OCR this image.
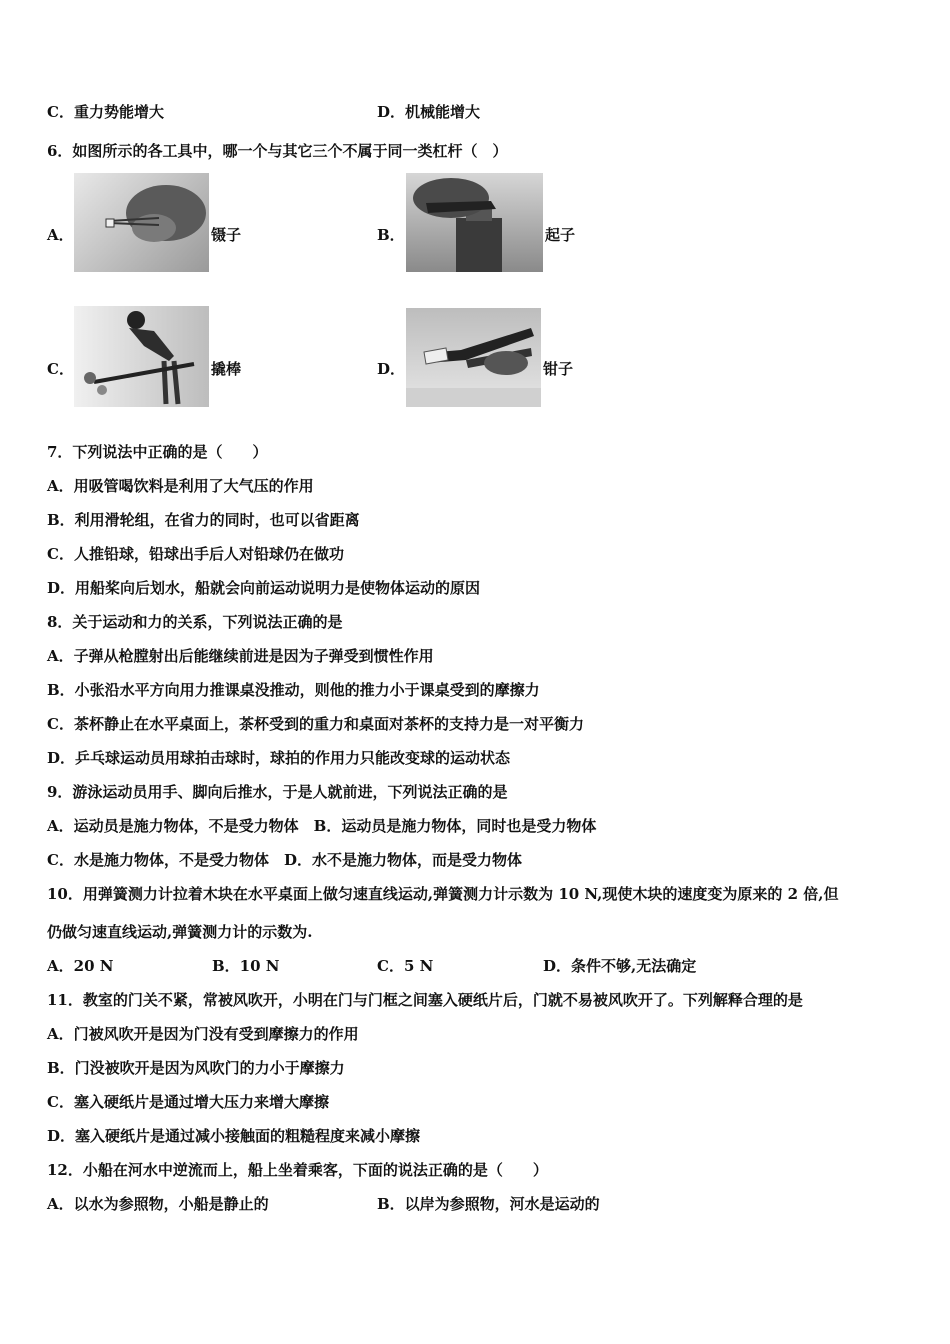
C．重力势能增大	D．机械能增大
6．如图所示的各工具中，哪一个与其它三个不属于同一类杠杆（　）
A．	镊子	B．	起子
C．	撬棒	D．	钳子
7．下列说法中正确的是（　　）
A．用吸管喝饮料是利用了大气压的作用
B．利用滑轮组，在省力的同时，也可以省距离
C．人推铅球，铅球出手后人对铅球仍在做功
D．用船桨向后划水，船就会向前运动说明力是使物体运动的原因
8．关于运动和力的关系，下列说法正确的是
A．子弹从枪膛射出后能继续前进是因为子弹受到惯性作用
B．小张沿水平方向用力推课桌没推动，则他的推力小于课桌受到的摩擦力
C．茶杯静止在水平桌面上，茶杯受到的重力和桌面对茶杯的支持力是一对平衡力
D．乒乓球运动员用球拍击球时，球拍的作用力只能改变球的运动状态
9．游泳运动员用手、脚向后推水，于是人就前进，下列说法正确的是
A．运动员是施力物体，不是受力物体　B．运动员是施力物体，同时也是受力物体
C．水是施力物体，不是受力物体　D．水不是施力物体，而是受力物体
10．用弹簧测力计拉着木块在水平桌面上做匀速直线运动,弹簧测力计示数为 10 N,现使木块的速度变为原来的 2 倍,但
仍做匀速直线运动,弹簧测力计的示数为.
A．20 N	B．10 N	C．5 N	D．条件不够,无法确定
11．教室的门关不紧，常被风吹开，小明在门与门框之间塞入硬纸片后，门就不易被风吹开了。下列解释合理的是
A．门被风吹开是因为门没有受到摩擦力的作用
B．门没被吹开是因为风吹门的力小于摩擦力
C．塞入硬纸片是通过增大压力来增大摩擦
D．塞入硬纸片是通过减小接触面的粗糙程度来减小摩擦
12．小船在河水中逆流而上，船上坐着乘客，下面的说法正确的是（　　）
A．以水为参照物，小船是静止的	B．以岸为参照物，河水是运动的
